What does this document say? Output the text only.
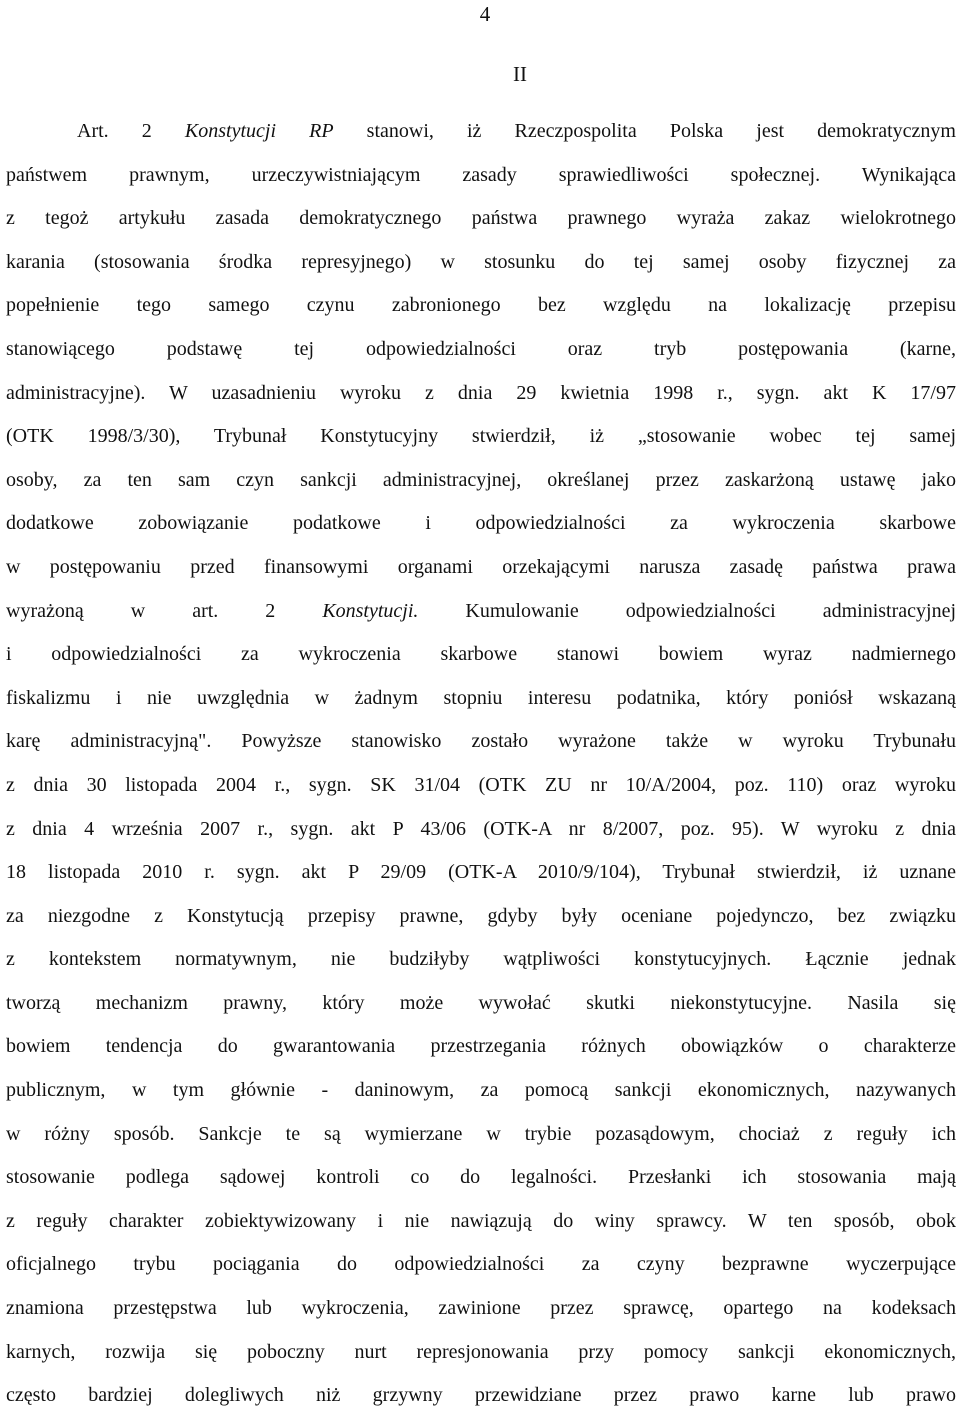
4
II
Art. 2 Konstytucji RP stanowi, iż Rzeczpospolita Polska jest demokratycznym
państwem prawnym, urzeczywistniającym zasady sprawiedliwości społecznej. Wynikająca
z tegoż artykułu zasada demokratycznego państwa prawnego wyraża zakaz wielokrotnego
karania (stosowania środka represyjnego) w stosunku do tej samej osoby fizycznej za
popełnienie tego samego czynu zabronionego bez względu na lokalizację przepisu
stanowiącego podstawę tej odpowiedzialności oraz tryb postępowania (karne,
administracyjne). W uzasadnieniu wyroku z dnia 29 kwietnia 1998 r., sygn. akt K 17/97
(OTK 1998/3/30), Trybunał Konstytucyjny stwierdził, iż „stosowanie wobec tej samej
osoby, za ten sam czyn sankcji administracyjnej, określanej przez zaskarżoną ustawę jako
dodatkowe zobowiązanie podatkowe i odpowiedzialności za wykroczenia skarbowe
w postępowaniu przed finansowymi organami orzekającymi narusza zasadę państwa prawa
wyrażoną w art. 2 Konstytucji. Kumulowanie odpowiedzialności administracyjnej
i odpowiedzialności za wykroczenia skarbowe stanowi bowiem wyraz nadmiernego
fiskalizmu i nie uwzględnia w żadnym stopniu interesu podatnika, który poniósł wskazaną
karę administracyjną". Powyższe stanowisko zostało wyrażone także w wyroku Trybunału
z dnia 30 listopada 2004 r., sygn. SK 31/04 (OTK ZU nr 10/A/2004, poz. 110) oraz wyroku
z dnia 4 września 2007 r., sygn. akt P 43/06 (OTK-A nr 8/2007, poz. 95). W wyroku z dnia
18 listopada 2010 r. sygn. akt P 29/09 (OTK-A 2010/9/104), Trybunał stwierdził, iż uznane
za niezgodne z Konstytucją przepisy prawne, gdyby były oceniane pojedynczo, bez związku
z kontekstem normatywnym, nie budziłyby wątpliwości konstytucyjnych. Łącznie jednak
tworzą mechanizm prawny, który może wywołać skutki niekonstytucyjne. Nasila się
bowiem tendencja do gwarantowania przestrzegania różnych obowiązków o charakterze
publicznym, w tym głównie - daninowym, za pomocą sankcji ekonomicznych, nazywanych
w różny sposób. Sankcje te są wymierzane w trybie pozasądowym, chociaż z reguły ich
stosowanie podlega sądowej kontroli co do legalności. Przesłanki ich stosowania mają
z reguły charakter zobiektywizowany i nie nawiązują do winy sprawcy. W ten sposób, obok
oficjalnego trybu pociągania do odpowiedzialności za czyny bezprawne wyczerpujące
znamiona przestępstwa lub wykroczenia, zawinione przez sprawcę, opartego na kodeksach
karnych, rozwija się poboczny nurt represjonowania przy pomocy sankcji ekonomicznych,
często bardziej dolegliwych niż grzywny przewidziane przez prawo karne lub prawo
